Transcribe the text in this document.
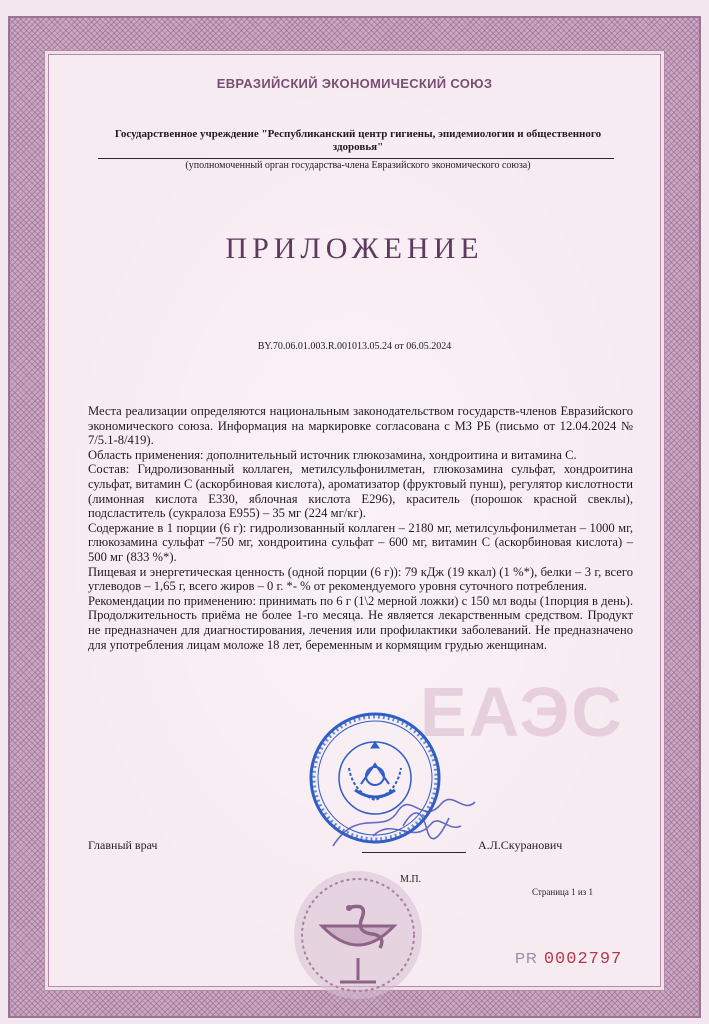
ЕАЭС
ЕВРАЗИЙСКИЙ ЭКОНОМИЧЕСКИЙ СОЮЗ
Государственное учреждение "Республиканский центр гигиены, эпидемиологии и общественного
здоровья"
(уполномоченный орган государства-члена Евразийского экономического союза)
ПРИЛОЖЕНИЕ
BY.70.06.01.003.R.001013.05.24 от 06.05.2024

Места реализации определяются национальным законодательством государств-членов Евразийского экономического союза. Информация на маркировке согласована с МЗ РБ (письмо от 12.04.2024 № 7/5.1-8/419).

Область применения: дополнительный источник глюкозамина, хондроитина и витамина С.

Состав: Гидролизованный коллаген, метилсульфонилметан, глюкозамина сульфат, хондроитина сульфат, витамин С (аскорбиновая кислота), ароматизатор (фруктовый пунш), регулятор кислотности (лимонная кислота Е330, яблочная кислота Е296), краситель (порошок красной свеклы), подсластитель (сукралоза Е955) – 35 мг (224 мг/кг).

Содержание в 1 порции (6 г): гидролизованный коллаген – 2180 мг, метилсульфонилметан – 1000 мг, глюкозамина сульфат –750 мг, хондроитина сульфат – 600 мг, витамин С (аскорбиновая кислота) – 500 мг (833 %*).

Пищевая и энергетическая ценность (одной порции (6 г)): 79 кДж (19 ккал) (1 %*), белки – 3 г, всего углеводов – 1,65 г, всего жиров – 0 г. *- % от рекомендуемого уровня суточного потребления.

Рекомендации по применению: принимать по 6 г (1\2 мерной ложки) с 150 мл воды (1порция в день). Продолжительность приёма не более 1-го месяца. Не является лекарственным средством. Продукт не предназначен для диагностирования, лечения или профилактики заболеваний. Не предназначено для употребления лицам моложе 18 лет, беременным и кормящим грудью женщинам.

Главный врач	А.Л.Скуранович
М.П.
Страница 1 из 1
PR 0002797
